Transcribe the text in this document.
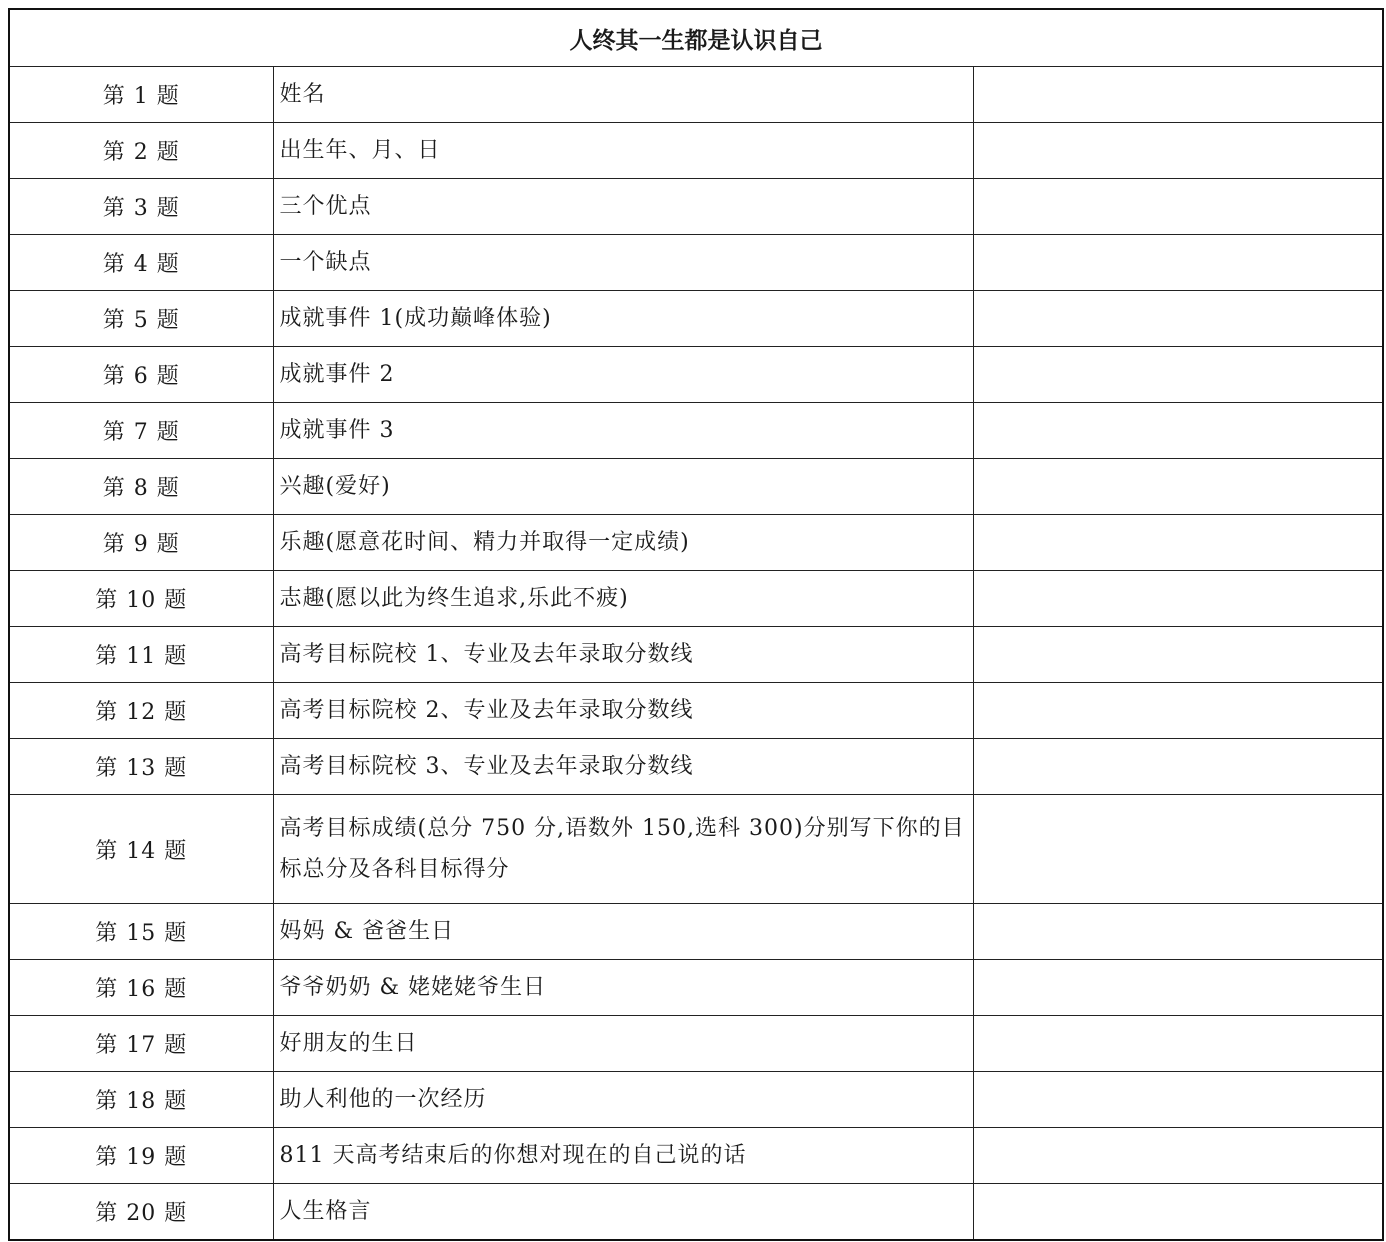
人终其一生都是认识自己		
第 1 题	姓名	
第 2 题	出生年、月、日	
第 3 题	三个优点	
第 4 题	一个缺点	
第 5 题	成就事件 1(成功巅峰体验)	
第 6 题	成就事件 2	
第 7 题	成就事件 3	
第 8 题	兴趣(爱好)	
第 9 题	乐趣(愿意花时间、精力并取得一定成绩)	
第 10 题	志趣(愿以此为终生追求,乐此不疲)	
第 11 题	高考目标院校 1、专业及去年录取分数线	
第 12 题	高考目标院校 2、专业及去年录取分数线	
第 13 题	高考目标院校 3、专业及去年录取分数线	
第 14 题	高考目标成绩(总分 750 分,语数外 150,选科 300)分别写下你的目标总分及各科目标得分	
第 15 题	妈妈 & 爸爸生日	
第 16 题	爷爷奶奶 & 姥姥姥爷生日	
第 17 题	好朋友的生日	
第 18 题	助人利他的一次经历	
第 19 题	811 天高考结束后的你想对现在的自己说的话	
第 20 题	人生格言	
